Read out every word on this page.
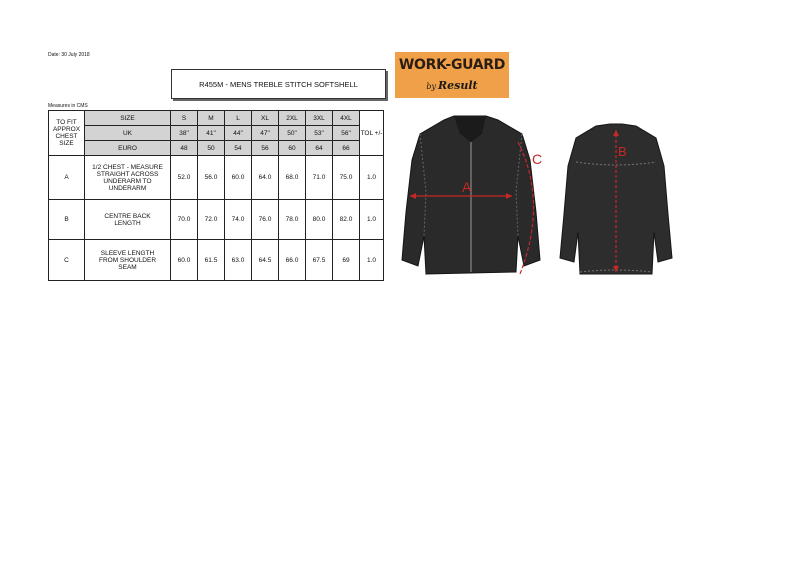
Date: 30 July 2018
R455M - MENS TREBLE STITCH SOFTSHELL
Measures in CMS
TO FIT APPROX CHEST SIZE	SIZE	S	M	L	XL	2XL	3XL	4XL	TOL +/-
	UK	38"	41"	44"	47"	50"	53"	56"	
	EURO	48	50	54	56	60	64	66	
A	1/2 CHEST - MEASURE STRAIGHT ACROSS UNDERARM TO UNDERARM	52.0	56.0	60.0	64.0	68.0	71.0	75.0	1.0
B	CENTRE BACK LENGTH	70.0	72.0	74.0	76.0	78.0	80.0	82.0	1.0
C	SLEEVE LENGTH FROM SHOULDER SEAM	60.0	61.5	63.0	64.5	66.0	67.5	69	1.0
WORK-GUARD
by Result
A
C	B
